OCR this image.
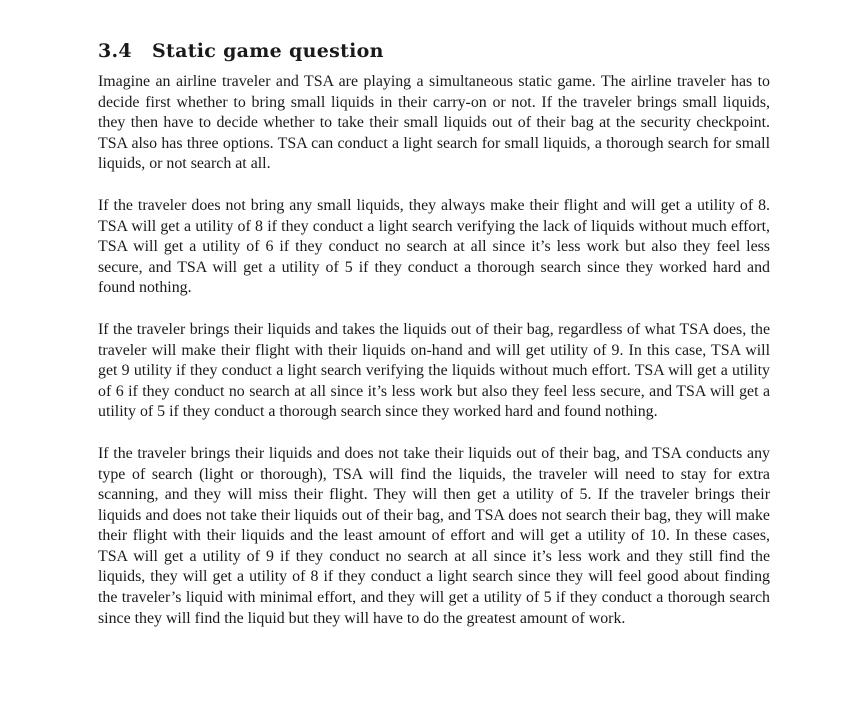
3.4 Static game question

Imagine an airline traveler and TSA are playing a simultaneous static game. The airline traveler has to decide first whether to bring small liquids in their carry-on or not. If the traveler brings small liquids, they then have to decide whether to take their small liquids out of their bag at the security checkpoint. TSA also has three options. TSA can conduct a light search for small liquids, a thorough search for small liquids, or not search at all.

If the traveler does not bring any small liquids, they always make their flight and will get a utility of 8. TSA will get a utility of 8 if they conduct a light search verifying the lack of liquids without much effort, TSA will get a utility of 6 if they conduct no search at all since it’s less work but also they feel less secure, and TSA will get a utility of 5 if they conduct a thorough search since they worked hard and found nothing.

If the traveler brings their liquids and takes the liquids out of their bag, regardless of what TSA does, the traveler will make their flight with their liquids on-hand and will get utility of 9. In this case, TSA will get 9 utility if they conduct a light search verifying the liquids without much effort. TSA will get a utility of 6 if they conduct no search at all since it’s less work but also they feel less secure, and TSA will get a utility of 5 if they conduct a thorough search since they worked hard and found nothing.

If the traveler brings their liquids and does not take their liquids out of their bag, and TSA conducts any type of search (light or thorough), TSA will find the liquids, the traveler will need to stay for extra scanning, and they will miss their flight. They will then get a utility of 5. If the traveler brings their liquids and does not take their liquids out of their bag, and TSA does not search their bag, they will make their flight with their liquids and the least amount of effort and will get a utility of 10. In these cases, TSA will get a utility of 9 if they conduct no search at all since it’s less work and they still find the liquids, they will get a utility of 8 if they conduct a light search since they will feel good about finding the traveler’s liquid with minimal effort, and they will get a utility of 5 if they conduct a thorough search since they will find the liquid but they will have to do the greatest amount of work.
